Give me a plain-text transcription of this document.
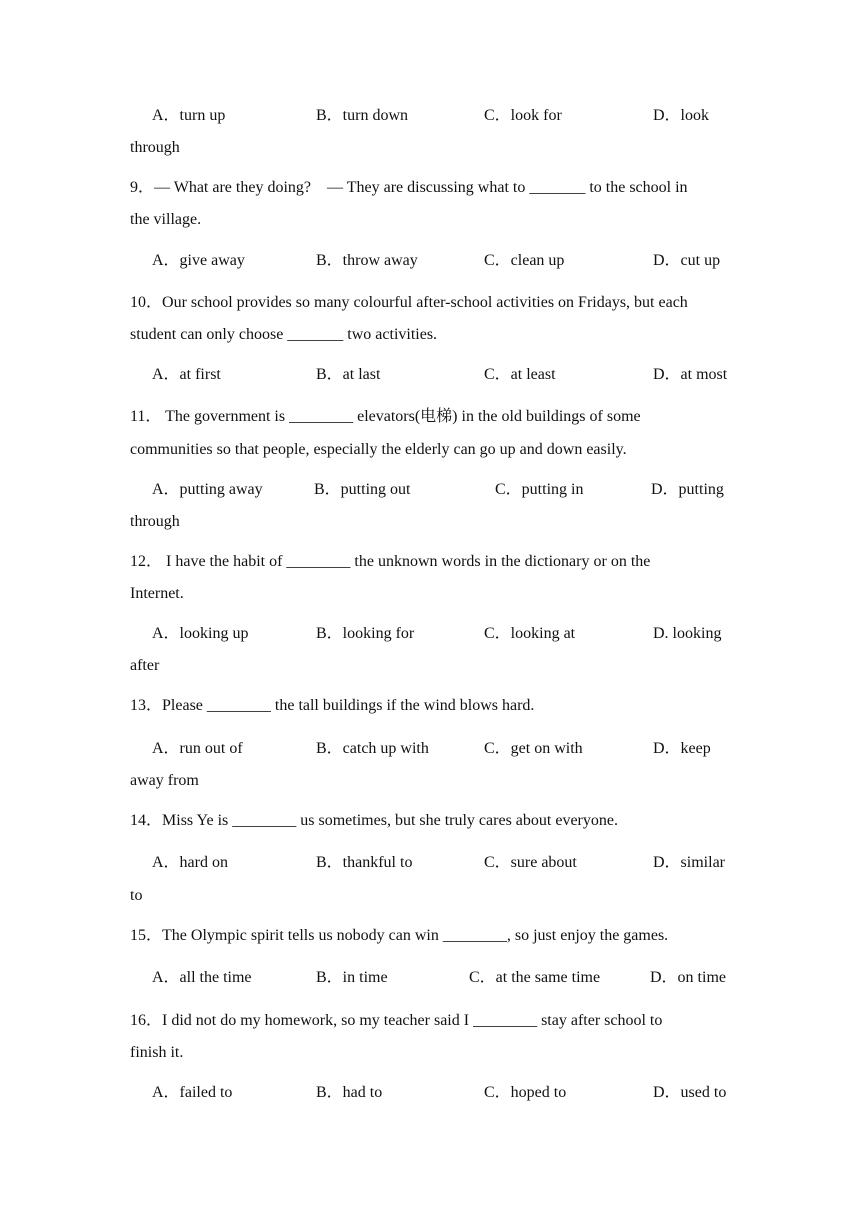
A．turn up	B．turn down	C．look for	D．look
through
9．— What are they doing?    — They are discussing what to _______ to the school in
the village.
A．give away	B．throw away	C．clean up	D．cut up
10．Our school provides so many colourful after-school activities on Fridays, but each
student can only choose _______ two activities.
A．at first	B．at last	C．at least	D．at most
11． The government is ________ elevators(电梯) in the old buildings of some
communities so that people, especially the elderly can go up and down easily.
A．putting away	B．putting out	C．putting in	D．putting
through
12． I have the habit of ________ the unknown words in the dictionary or on the
Internet.
A．looking up	B．looking for	C．looking at	D. looking
after
13．Please ________ the tall buildings if the wind blows hard.
A．run out of	B．catch up with	C．get on with	D．keep
away from
14．Miss Ye is ________ us sometimes, but she truly cares about everyone.
A．hard on	B．thankful to	C．sure about	D．similar
to
15．The Olympic spirit tells us nobody can win ________, so just enjoy the games.
A．all the time	B．in time	C．at the same time	D．on time
16．I did not do my homework, so my teacher said I ________ stay after school to
finish it.
A．failed to	B．had to	C．hoped to	D．used to
